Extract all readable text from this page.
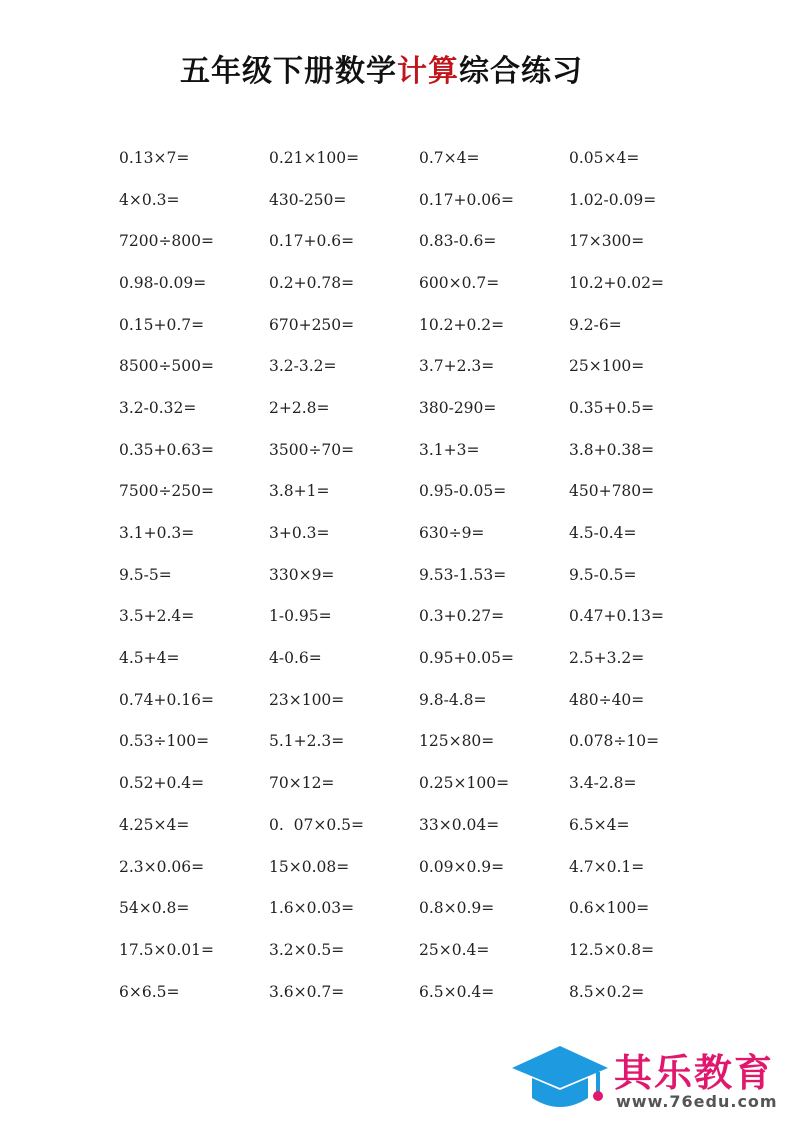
五年级下册数学计算综合练习
0.13×7=	0.21×100=	0.7×4=	0.05×4=
4×0.3=	430-250=	0.17+0.06=	1.02-0.09=
7200÷800=	0.17+0.6=	0.83-0.6=	17×300=
0.98-0.09=	0.2+0.78=	600×0.7=	10.2+0.02=
0.15+0.7=	670+250=	10.2+0.2=	9.2-6=
8500÷500=	3.2-3.2=	3.7+2.3=	25×100=
3.2-0.32=	2+2.8=	380-290=	0.35+0.5=
0.35+0.63=	3500÷70=	3.1+3=	3.8+0.38=
7500÷250=	3.8+1=	0.95-0.05=	450+780=
3.1+0.3=	3+0.3=	630÷9=	4.5-0.4=
9.5-5=	330×9=	9.53-1.53=	9.5-0.5=
3.5+2.4=	1-0.95=	0.3+0.27=	0.47+0.13=
4.5+4=	4-0.6=	0.95+0.05=	2.5+3.2=
0.74+0.16=	23×100=	9.8-4.8=	480÷40=
0.53÷100=	5.1+2.3=	125×80=	0.078÷10=
0.52+0.4=	70×12=	0.25×100=	3.4-2.8=
4.25×4=	0.  07×0.5=	33×0.04=	6.5×4=
2.3×0.06=	15×0.08=	0.09×0.9=	4.7×0.1=
54×0.8=	1.6×0.03=	0.8×0.9=	0.6×100=
17.5×0.01=	3.2×0.5=	25×0.4=	12.5×0.8=
6×6.5=	3.6×0.7=	6.5×0.4=	8.5×0.2=
其乐教育
www.76edu.com
